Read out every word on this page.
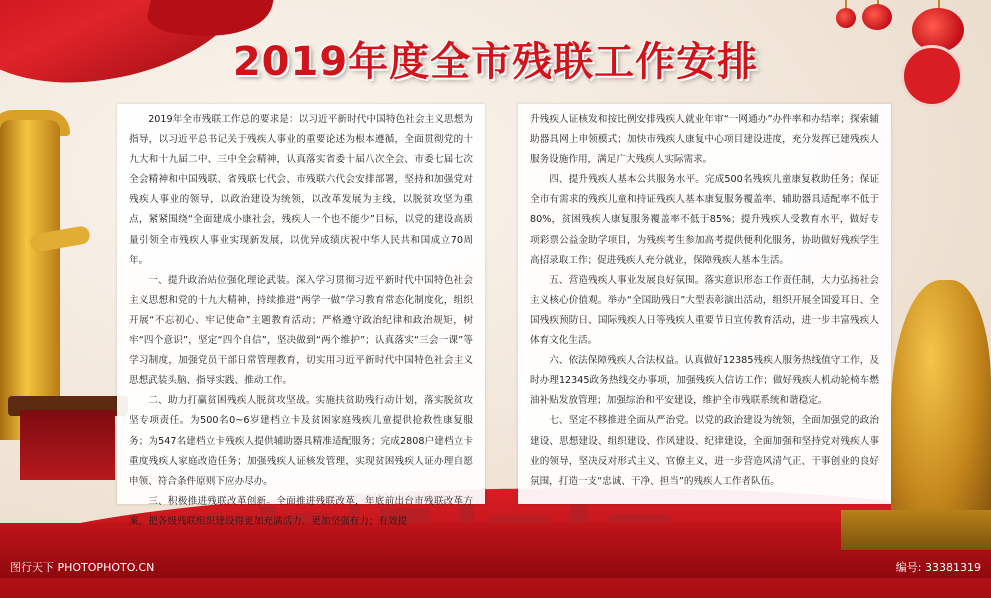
2019年度全市残联工作安排

2019年全市残联工作总的要求是：以习近平新时代中国特色社会主义思想为指导，以习近平总书记关于残疾人事业的重要论述为根本遵循，全面贯彻党的十九大和十九届二中、三中全会精神，认真落实省委十届八次全会、市委七届七次全会精神和中国残联、省残联七代会、市残联六代会安排部署，坚持和加强党对残疾人事业的领导，以政治建设为统领，以改革发展为主线，以脱贫攻坚为重点，紧紧围绕“全面建成小康社会，残疾人一个也不能少”目标，以党的建设高质量引领全市残疾人事业实现新发展，以优异成绩庆祝中华人民共和国成立70周年。

一、提升政治站位强化理论武装。深入学习贯彻习近平新时代中国特色社会主义思想和党的十九大精神，持续推进“两学一做”学习教育常态化制度化，组织开展“不忘初心、牢记使命”主题教育活动；严格遵守政治纪律和政治规矩，树牢“四个意识”，坚定“四个自信”，坚决做到“两个维护”；认真落实“三会一课”等学习制度，加强党员干部日常管理教育，切实用习近平新时代中国特色社会主义思想武装头脑、指导实践、推动工作。

二、助力打赢贫困残疾人脱贫攻坚战。实施扶贫助残行动计划，落实脱贫攻坚专项责任。为500名0~6岁建档立卡及贫困家庭残疾儿童提供抢救性康复服务；为547名建档立卡残疾人提供辅助器具精准适配服务；完成2808户建档立卡重度残疾人家庭改造任务；加强残疾人证核发管理，实现贫困残疾人证办理自愿申领、符合条件原则下应办尽办。

三、积极推进残联改革创新。全面推进残联改革，年底前出台市残联改革方案，把各级残联组织建设得更加充满活力、更加坚强有力；有效提

升残疾人证核发和按比例安排残疾人就业年审“一网通办”办件率和办结率；探索辅助器具网上申领模式；加快市残疾人康复中心项目建设进度，充分发挥已建残疾人服务设施作用，满足广大残疾人实际需求。

四、提升残疾人基本公共服务水平。完成500名残疾儿童康复救助任务；保证全市有需求的残疾儿童和持证残疾人基本康复服务覆盖率、辅助器具适配率不低于80%，贫困残疾人康复服务覆盖率不低于85%；提升残疾人受教育水平，做好专项彩票公益金助学项目，为残疾考生参加高考提供便利化服务，协助做好残疾学生高招录取工作；促进残疾人充分就业，保障残疾人基本生活。

五、营造残疾人事业发展良好氛围。落实意识形态工作责任制，大力弘扬社会主义核心价值观。举办“全国助残日”大型表彰演出活动，组织开展全国爱耳日、全国残疾预防日、国际残疾人日等残疾人重要节日宣传教育活动，进一步丰富残疾人体育文化生活。

六、依法保障残疾人合法权益。认真做好12385残疾人服务热线值守工作，及时办理12345政务热线交办事项，加强残疾人信访工作；做好残疾人机动轮椅车燃油补贴发放管理；加强综治和平安建设，维护全市残联系统和谐稳定。

七、坚定不移推进全面从严治党。以党的政治建设为统领，全面加强党的政治建设、思想建设、组织建设、作风建设、纪律建设，全面加强和坚持党对残疾人事业的领导，坚决反对形式主义、官僚主义，进一步营造风清气正、干事创业的良好氛围，打造一支“忠诚、干净、担当”的残疾人工作者队伍。

图行天下 PHOTOPHOTO.CN	编号: 33381319
